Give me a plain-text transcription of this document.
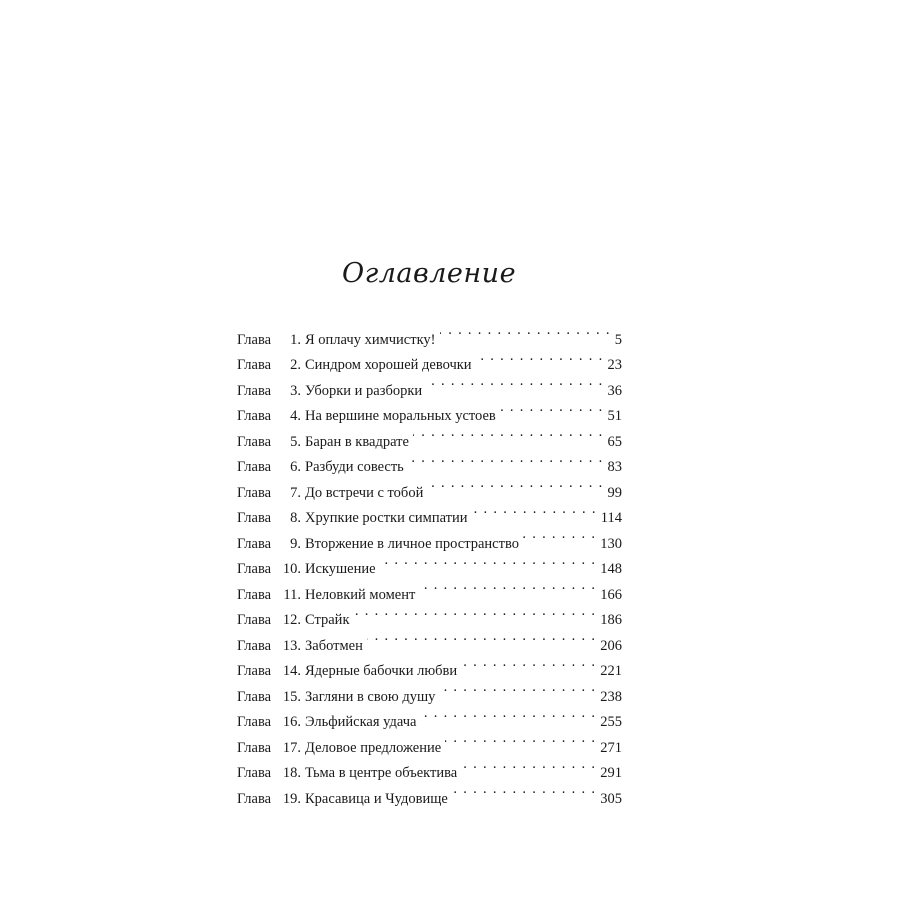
Оглавление
Глава	1. Я оплачу химчистку! . . .	5
Глава	2. Синдром хорошей девочки . . .	23
Глава	3. Уборки и разборки . . .	36
Глава	4. На вершине моральных устоев . . .	51
Глава	5. Баран в квадрате . . .	65
Глава	6. Разбуди совесть . . .	83
Глава	7. До встречи с тобой . . .	99
Глава	8. Хрупкие ростки симпатии . . .	114
Глава	9. Вторжение в личное пространство . . .	130
Глава 10. Искушение . . .	148
Глава 11. Неловкий момент . . .	166
Глава 12. Страйк . . .	186
Глава 13. Заботмен . . .	206
Глава 14. Ядерные бабочки любви . . .	221
Глава 15. Загляни в свою душу . . .	238
Глава 16. Эльфийская удача . . .	255
Глава 17. Деловое предложение . . .	271
Глава 18. Тьма в центре объектива . . .	291
Глава 19. Красавица и Чудовище . . .	305
